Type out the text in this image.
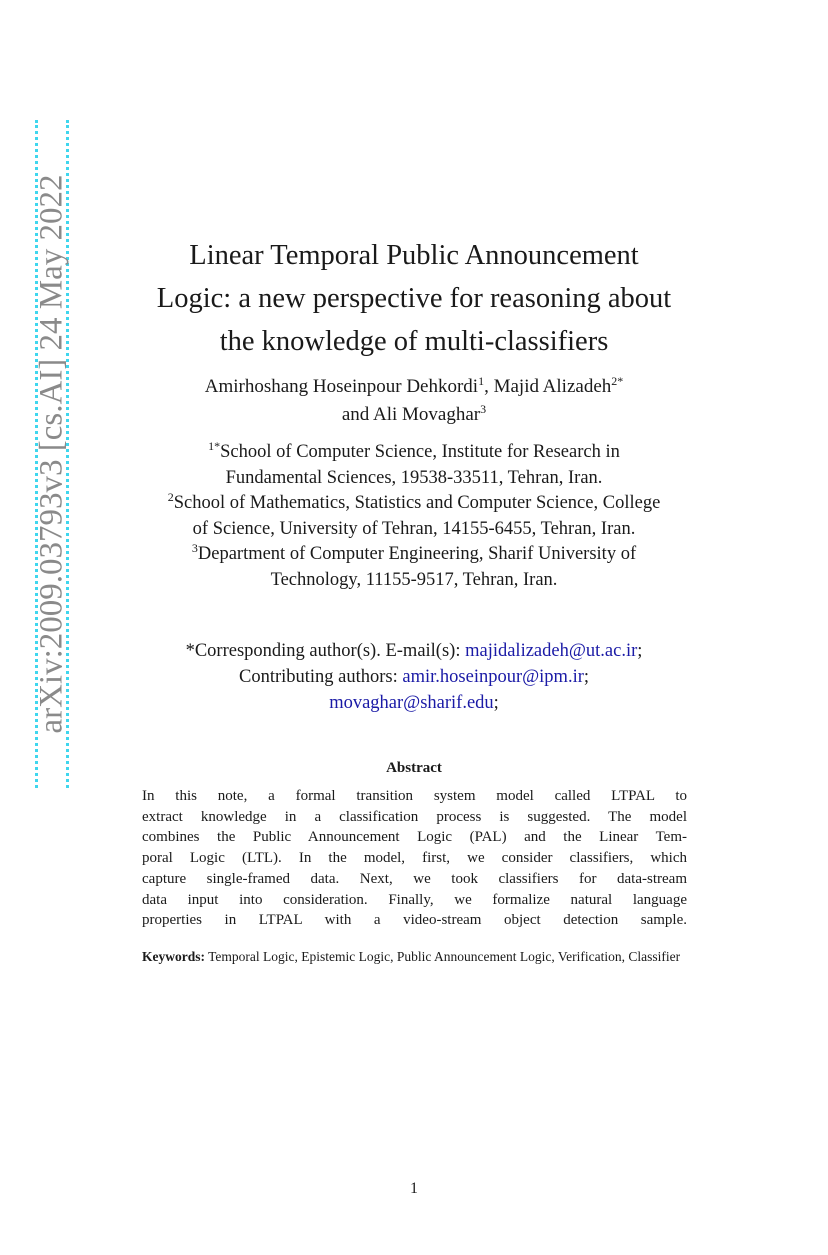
arXiv:2009.03793v3 [cs.AI] 24 May 2022	Linear Temporal Public Announcement
Logic: a new perspective for reasoning about
the knowledge of multi-classifiers
Amirhoshang Hoseinpour Dehkordi$^1$, Majid Alizadeh$^{2*}$
and Ali Movaghar$^3$
$^{1*}$School of Computer Science, Institute for Research in
Fundamental Sciences, 19538-33511, Tehran, Iran.
$^2$School of Mathematics, Statistics and Computer Science, College
of Science, University of Tehran, 14155-6455, Tehran, Iran.
$^3$Department of Computer Engineering, Sharif University of
Technology, 11155-9517, Tehran, Iran.
*Corresponding author(s). E-mail(s): majidalizadeh@ut.ac.ir;
Contributing authors: amir.hoseinpour@ipm.ir;
movaghar@sharif.edu;
Abstract
In this note, a formal transition system model called LTPAL to
extract knowledge in a classification process is suggested. The model
combines the Public Announcement Logic (PAL) and the Linear Tem-
poral Logic (LTL). In the model, first, we consider classifiers, which
capture single-framed data. Next, we took classifiers for data-stream
data input into consideration. Finally, we formalize natural language
properties in LTPAL with a video-stream object detection sample.
Keywords: Temporal Logic, Epistemic Logic, Public Announcement Logic, Verification, Classifier
1
